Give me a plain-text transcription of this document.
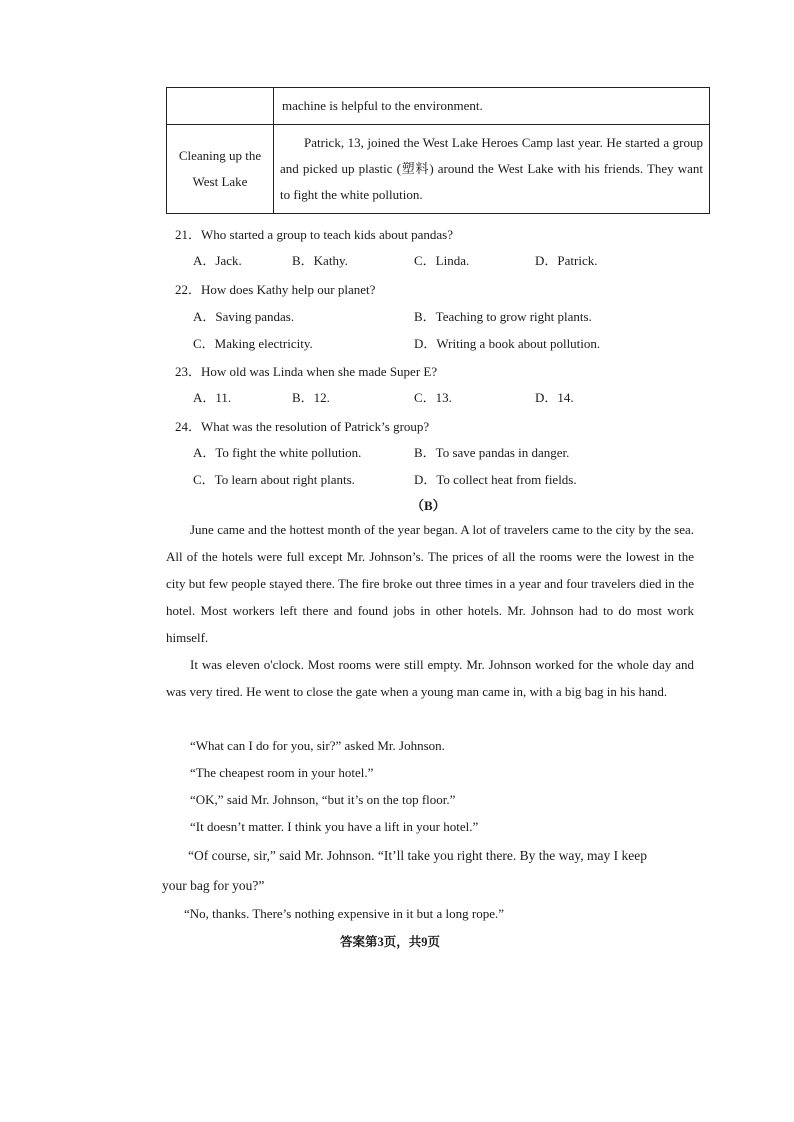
	machine is helpful to the environment.
Cleaning up the West Lake	Patrick, 13, joined the West Lake Heroes Camp last year. He started a group and picked up plastic (塑料) around the West Lake with his friends. They want to fight the white pollution.
21．Who started a group to teach kids about pandas?
A．Jack.	B．Kathy.	C．Linda.	D．Patrick.
22．How does Kathy help our planet?
A．Saving pandas.	B．Teaching to grow right plants.
C．Making electricity.	D．Writing a book about pollution.
23．How old was Linda when she made Super E?
A．11.	B．12.	C．13.	D．14.
24．What was the resolution of Patrick’s group?
A．To fight the white pollution.	B．To save pandas in danger.
C．To learn about right plants.	D．To collect heat from fields.
（B）
June came and the hottest month of the year began. A lot of travelers came to the city by the sea. All of the hotels were full except Mr. Johnson’s. The prices of all the rooms were the lowest in the city but few people stayed there. The fire broke out three times in a year and four travelers died in the hotel. Most workers left there and found jobs in other hotels. Mr. Johnson had to do most work himself.
It was eleven o'clock. Most rooms were still empty. Mr. Johnson worked for the whole day and was very tired. He went to close the gate when a young man came in, with a big bag in his hand.
“What can I do for you, sir?” asked Mr. Johnson.
“The cheapest room in your hotel.”
“OK,” said Mr. Johnson, “but it’s on the top floor.”
“It doesn’t matter. I think you have a lift in your hotel.”
“Of course, sir,” said Mr. Johnson. “It’ll take you right there. By the way, may I keep
your bag for you?”
“No, thanks. There’s nothing expensive in it but a long rope.”
答案第3页，共9页
